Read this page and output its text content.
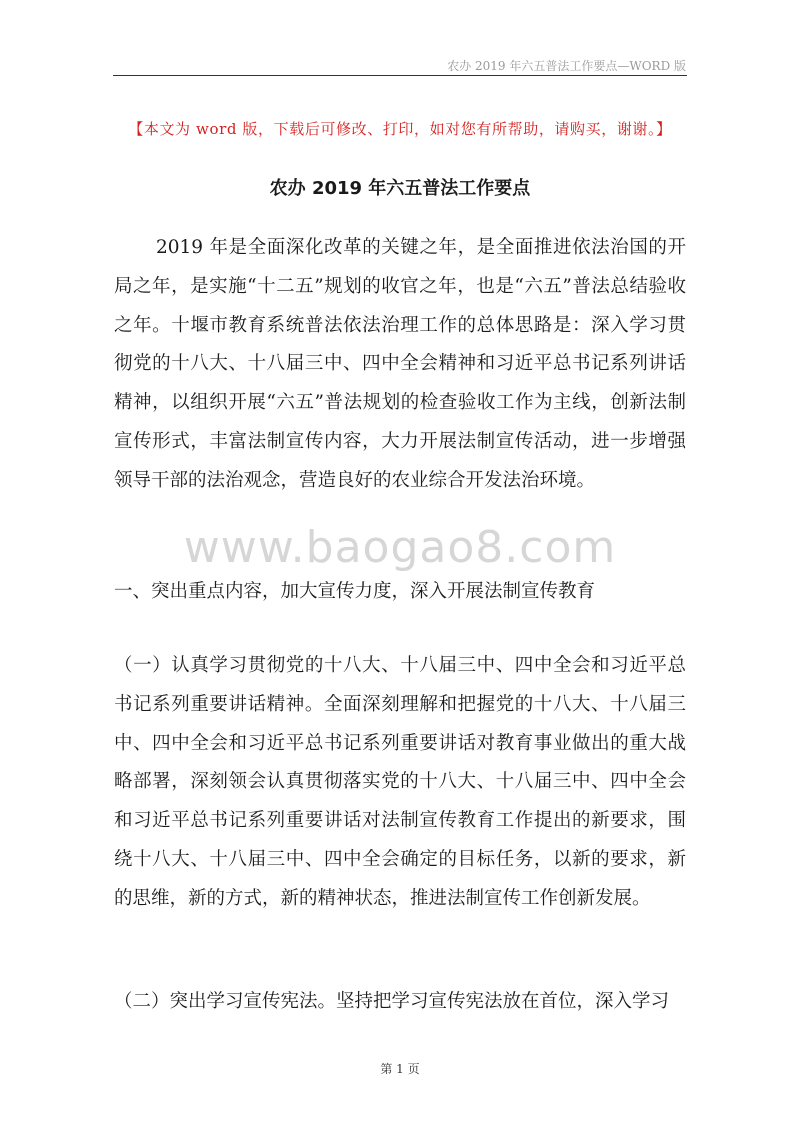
农办 2019 年六五普法工作要点—WORD 版
【本文为 word 版，下载后可修改、打印，如对您有所帮助，请购买，谢谢。】
农办 2019 年六五普法工作要点

2019 年是全面深化改革的关键之年，是全面推进依法治国的开局之年，是实施“十二五”规划的收官之年，也是“六五”普法总结验收之年。十堰市教育系统普法依法治理工作的总体思路是：深入学习贯彻党的十八大、十八届三中、四中全会精神和习近平总书记系列讲话精神，以组织开展“六五”普法规划的检查验收工作为主线，创新法制宣传形式，丰富法制宣传内容，大力开展法制宣传活动，进一步增强领导干部的法治观念，营造良好的农业综合开发法治环境。

www.baogao8.com
一、突出重点内容，加大宣传力度，深入开展法制宣传教育

（一）认真学习贯彻党的十八大、十八届三中、四中全会和习近平总书记系列重要讲话精神。全面深刻理解和把握党的十八大、十八届三中、四中全会和习近平总书记系列重要讲话对教育事业做出的重大战略部署，深刻领会认真贯彻落实党的十八大、十八届三中、四中全会和习近平总书记系列重要讲话对法制宣传教育工作提出的新要求，围绕十八大、十八届三中、四中全会确定的目标任务，以新的要求，新的思维，新的方式，新的精神状态，推进法制宣传工作创新发展。

（二）突出学习宣传宪法。坚持把学习宣传宪法放在首位，深入学习

第 1 页
